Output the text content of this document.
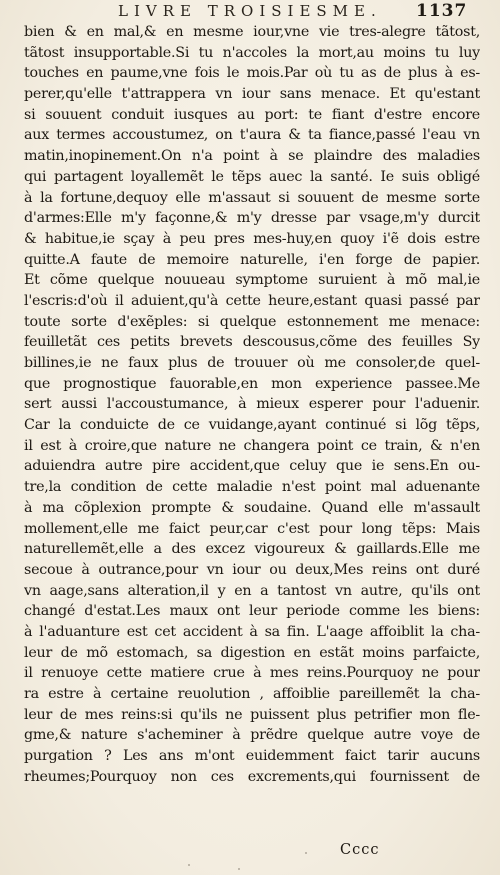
LIVRE TROISIESME. 1137
bien & en mal,& en mesme iour,vne vie tres-alegre tãtost,
tãtost insupportable.Si tu n'accoles la mort,au moins tu luy
touches en paume,vne fois le mois.Par où tu as de plus à es-
perer,qu'elle t'attrappera vn iour sans menace. Et qu'estant
si souuent conduit iusques au port: te fiant d'estre encore
aux termes accoustumez, on t'aura & ta fiance,passé l'eau vn
matin,inopinement.On n'a point à se plaindre des maladies
qui partagent loyallemẽt le tẽps auec la santé. Ie suis obligé
à la fortune,dequoy elle m'assaut si souuent de mesme sorte
d'armes:Elle m'y façonne,& m'y dresse par vsage,m'y durcit
& habitue,ie sçay à peu pres mes-huy,en quoy i'ẽ dois estre
quitte.A faute de memoire naturelle, i'en forge de papier.
Et cõme quelque nouueau symptome suruient à mõ mal,ie
l'escris:d'où il aduient,qu'à cette heure,estant quasi passé par
toute sorte d'exẽples: si quelque estonnement me menace:
feuilletãt ces petits brevets descousus,cõme des feuilles Sy
billines,ie ne faux plus de trouuer où me consoler,de quel-
que prognostique fauorable,en mon experience passee.Me
sert aussi l'accoustumance, à mieux esperer pour l'aduenir.
Car la conduicte de ce vuidange,ayant continué si lõg tẽps,
il est à croire,que nature ne changera point ce train, & n'en
aduiendra autre pire accident,que celuy que ie sens.En ou-
tre,la condition de cette maladie n'est point mal aduenante
à ma cõplexion prompte & soudaine. Quand elle m'assault
mollement,elle me faict peur,car c'est pour long tẽps: Mais
naturellemẽt,elle a des excez vigoureux & gaillards.Elle me
secoue à outrance,pour vn iour ou deux,Mes reins ont duré
vn aage,sans alteration,il y en a tantost vn autre, qu'ils ont
changé d'estat.Les maux ont leur periode comme les biens:
à l'aduanture est cet accident à sa fin. L'aage affoiblit la cha-
leur de mõ estomach, sa digestion en estãt moins parfaicte,
il renuoye cette matiere crue à mes reins.Pourquoy ne pour
ra estre à certaine reuolution , affoiblie pareillemẽt la cha-
leur de mes reins:si qu'ils ne puissent plus petrifier mon fle-
gme,& nature s'acheminer à prẽdre quelque autre voye de
purgation ? Les ans m'ont euidemment faict tarir aucuns
rheumes;Pourquoy non ces excrements,qui fournissent de
Cccc
